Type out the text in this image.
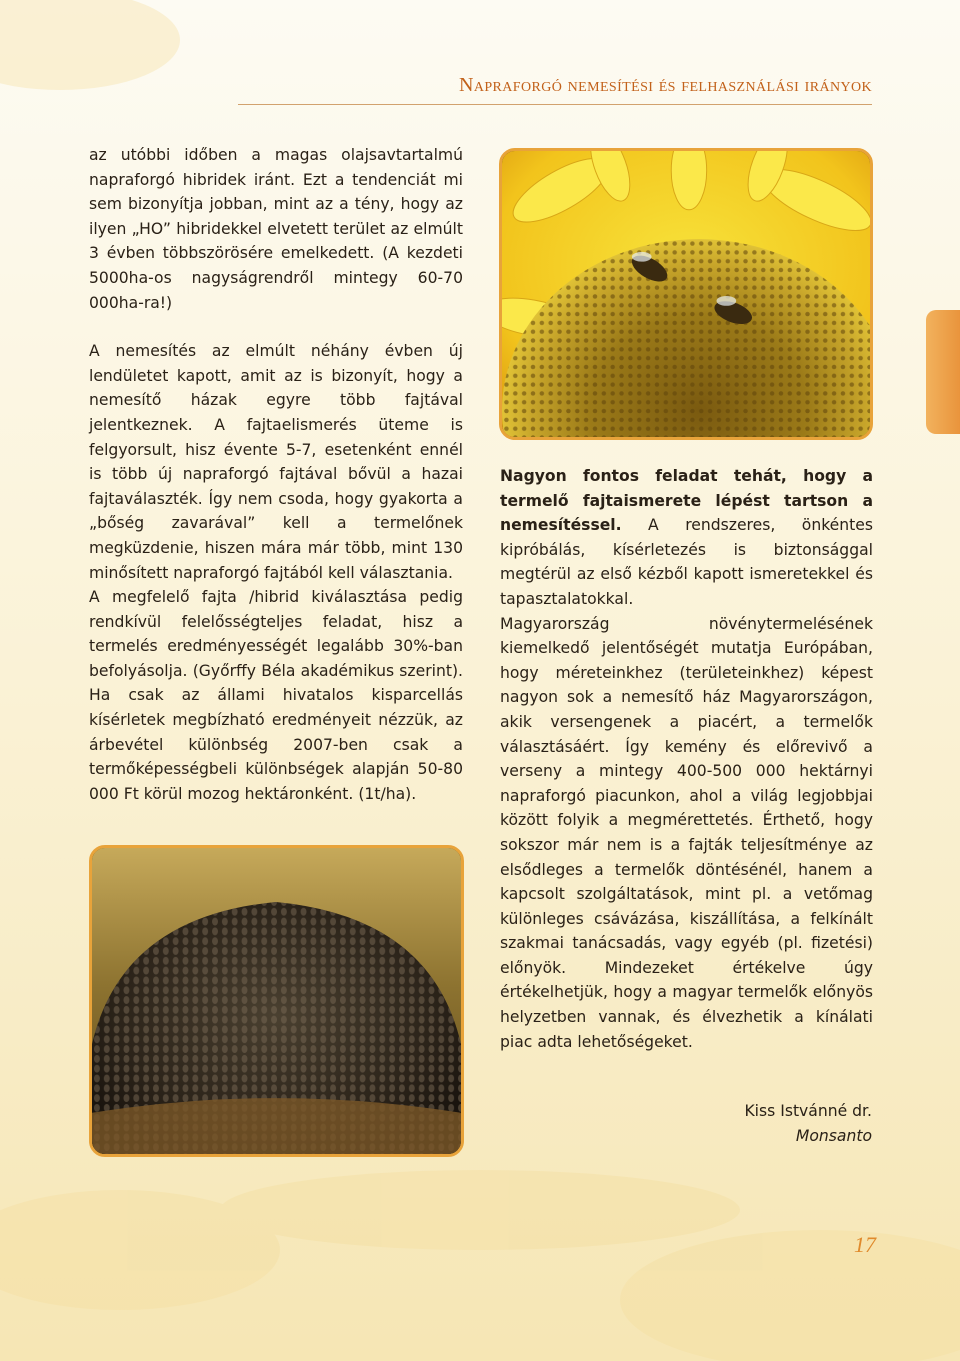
Napraforgó nemesítési és felhasználási irányok

az utóbbi időben a magas olajsavtartalmú napraforgó hibridek iránt. Ezt a tendenciát mi sem bizonyítja jobban, mint az a tény, hogy az ilyen „HO” hibridekkel elvetett terület az elmúlt 3 évben többszörösére emelkedett. (A kezdeti 5000ha-os nagyságrendről mintegy 60-70 000ha-ra!)

A nemesítés az elmúlt néhány évben új lendületet kapott, amit az is bizonyít, hogy a nemesítő házak egyre több fajtával jelentkeznek. A fajtaelismerés üteme is felgyorsult, hisz évente 5-7, esetenként ennél is több új napraforgó fajtával bővül a hazai fajtaválaszték. Így nem csoda, hogy gyakorta a „bőség zavarával” kell a termelőnek megküzdenie, hiszen mára már több, mint 130 minősített napraforgó fajtából kell választania.

A megfelelő fajta /hibrid kiválasztása pedig rendkívül felelősségteljes feladat, hisz a termelés eredményességét legalább 30%-ban befolyásolja. (Győrffy Béla akadémikus szerint). Ha csak az állami hivatalos kisparcellás kísérletek megbízható eredményeit nézzük, az árbevétel különbség 2007-ben csak a termőképességbeli különbségek alapján 50-80 000 Ft körül mozog hektáronként. (1t/ha).

Nagyon fontos feladat tehát, hogy a termelő fajtaismerete lépést tartson a nemesítéssel. A rendszeres, önkéntes kipróbálás, kísérletezés is biztonsággal megtérül az első kézből kapott ismeretekkel és tapasztalatokkal.

Magyarország növénytermelésének kiemelkedő jelentőségét mutatja Európában, hogy méreteinkhez (területeinkhez) képest nagyon sok a nemesítő ház Magyarországon, akik versengenek a piacért, a termelők választásáért. Így kemény és előrevivő a verseny a mintegy 400-500 000 hektárnyi napraforgó piacunkon, ahol a világ legjobbjai között folyik a megmérettetés. Érthető, hogy sokszor már nem is a fajták teljesítménye az elsődleges a termelők döntésénél, hanem a kapcsolt szolgáltatások, mint pl. a vetőmag különleges csávázása, kiszállítása, a felkínált szakmai tanácsadás, vagy egyéb (pl. fizetési) előnyök. Mindezeket értékelve úgy értékelhetjük, hogy a magyar termelők előnyös helyzetben vannak, és élvezhetik a kínálati piac adta lehetőségeket.

Kiss Istvánné dr.
Monsanto
17
